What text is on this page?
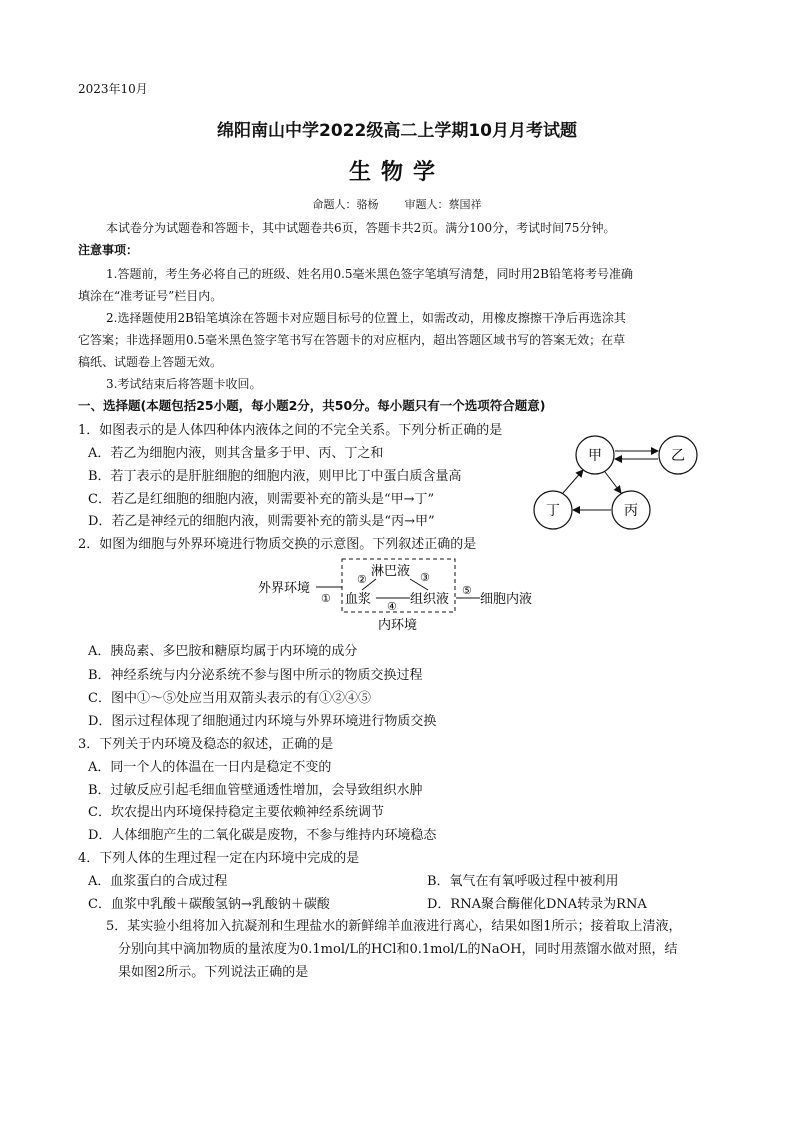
2023年10月
绵阳南山中学2022级高二上学期10月月考试题
生物学
命题人：骆杨 审题人：蔡国祥
本试卷分为试题卷和答题卡，其中试题卷共6页，答题卡共2页。满分100分，考试时间75分钟。
注意事项：
1.答题前，考生务必将自己的班级、姓名用0.5毫米黑色签字笔填写清楚，同时用2B铅笔将考号准确
填涂在“准考证号”栏目内。
2.选择题使用2B铅笔填涂在答题卡对应题目标号的位置上，如需改动，用橡皮擦擦干净后再选涂其
它答案；非选择题用0.5毫米黑色签字笔书写在答题卡的对应框内，超出答题区域书写的答案无效；在草
稿纸、试题卷上答题无效。
3.考试结束后将答题卡收回。
一、选择题(本题包括25小题，每小题2分，共50分。每小题只有一个选项符合题意)
1．如图表示的是人体四种体内液体之间的不完全关系。下列分析正确的是
A．若乙为细胞内液，则其含量多于甲、丙、丁之和
B．若丁表示的是肝脏细胞的细胞内液，则甲比丁中蛋白质含量高
C．若乙是红细胞的细胞内液，则需要补充的箭头是“甲→丁”
D．若乙是神经元的细胞内液，则需要补充的箭头是“丙→甲”
甲	乙
丁	丙
2．如图为细胞与外界环境进行物质交换的示意图。下列叙述正确的是
外界环境
①
淋巴液
血浆	组织液
②	③
④
⑤
细胞内液
内环境
A．胰岛素、多巴胺和糖原均属于内环境的成分
B．神经系统与内分泌系统不参与图中所示的物质交换过程
C．图中①～⑤处应当用双箭头表示的有①②④⑤
D．图示过程体现了细胞通过内环境与外界环境进行物质交换
3．下列关于内环境及稳态的叙述，正确的是
A．同一个人的体温在一日内是稳定不变的
B．过敏反应引起毛细血管壁通透性增加，会导致组织水肿
C．坎农提出内环境保持稳定主要依赖神经系统调节
D．人体细胞产生的二氧化碳是废物，不参与维持内环境稳态
4．下列人体的生理过程一定在内环境中完成的是
A．血浆蛋白的合成过程	B．氧气在有氧呼吸过程中被利用
C．血浆中乳酸＋碳酸氢钠→乳酸钠＋碳酸	D．RNA聚合酶催化DNA转录为RNA
5．某实验小组将加入抗凝剂和生理盐水的新鲜绵羊血液进行离心，结果如图1所示；接着取上清液，
分别向其中滴加物质的量浓度为0.1mol/L的HCl和0.1mol/L的NaOH，同时用蒸馏水做对照，结
果如图2所示。下列说法正确的是
